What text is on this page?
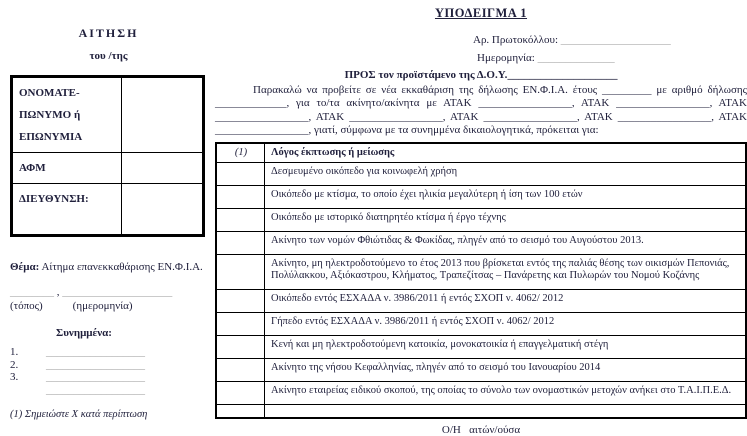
ΑΙΤΗΣΗ
του /της
ΟΝΟΜΑΤΕ-ΠΩΝΥΜΟ ή ΕΠΩΝΥΜΙΑ	
ΑΦΜ	
ΔΙΕΥΘΥΝΣΗ:	

Θέμα: Αίτημα επανεκκαθάρισης ΕΝ.Φ.Ι.Α.

________ , ____________________
(τόπος)	(ημερομηνία)
Συνημμένα:
1.	__________________
2.	__________________
3.	__________________
__________________
(1) Σημειώστε Χ κατά περίπτωση
ΥΠΟΔΕΙΓΜΑ 1
Αρ. Πρωτοκόλλου: ____________________
Ημερομηνία: ______________
ΠΡΟΣ τον προϊστάμενο της Δ.Ο.Υ.____________________

Παρακαλώ να προβείτε σε νέα εκκαθάριση της δήλωσης ΕΝ.Φ.Ι.Α. έτους _________ με αριθμό δήλωσης _____________, για το/τα ακίνητο/ακίνητα με ΑΤΑΚ _________________, ΑΤΑΚ _________________, ΑΤΑΚ _________________, ΑΤΑΚ _________________, ΑΤΑΚ _________________, ΑΤΑΚ _________________, ΑΤΑΚ _________________, γιατί, σύμφωνα με τα συνημμένα δικαιολογητικά, πρόκειται για:

(1)	Λόγος έκπτωσης ή μείωσης
	Δεσμευμένο οικόπεδο για κοινωφελή χρήση
	Οικόπεδο με κτίσμα, το οποίο έχει ηλικία μεγαλύτερη ή ίση των 100 ετών
	Οικόπεδο με ιστορικό διατηρητέο κτίσμα ή έργο τέχνης
	Ακίνητο των νομών Φθιώτιδας & Φωκίδας, πληγέν από το σεισμό του Αυγούστου 2013.
	Ακίνητο, μη ηλεκτροδοτούμενο το έτος 2013 που βρίσκεται εντός της παλιάς θέσης των οικισμών Πεπονιάς, Πολύλακκου, Αξιόκαστρου, Κλήματος, Τραπεζίτσας – Πανάρετης και Πυλωρών του Νομού Κοζάνης
	Οικόπεδο εντός ΕΣΧΑΔΑ ν. 3986/2011 ή εντός ΣΧΟΠ ν. 4062/ 2012
	Γήπεδο εντός ΕΣΧΑΔΑ ν. 3986/2011 ή εντός ΣΧΟΠ ν. 4062/ 2012
	Κενή και μη ηλεκτροδοτούμενη κατοικία, μονοκατοικία ή επαγγελματική στέγη
	Ακίνητο της νήσου Κεφαλληνίας, πληγέν από το σεισμό του Ιανουαρίου 2014
	Ακίνητο εταιρείας ειδικού σκοπού, της οποίας το σύνολο των ονομαστικών μετοχών ανήκει στο Τ.Α.Ι.Π.Ε.Δ.

Ο/Η   αιτών/ούσα
